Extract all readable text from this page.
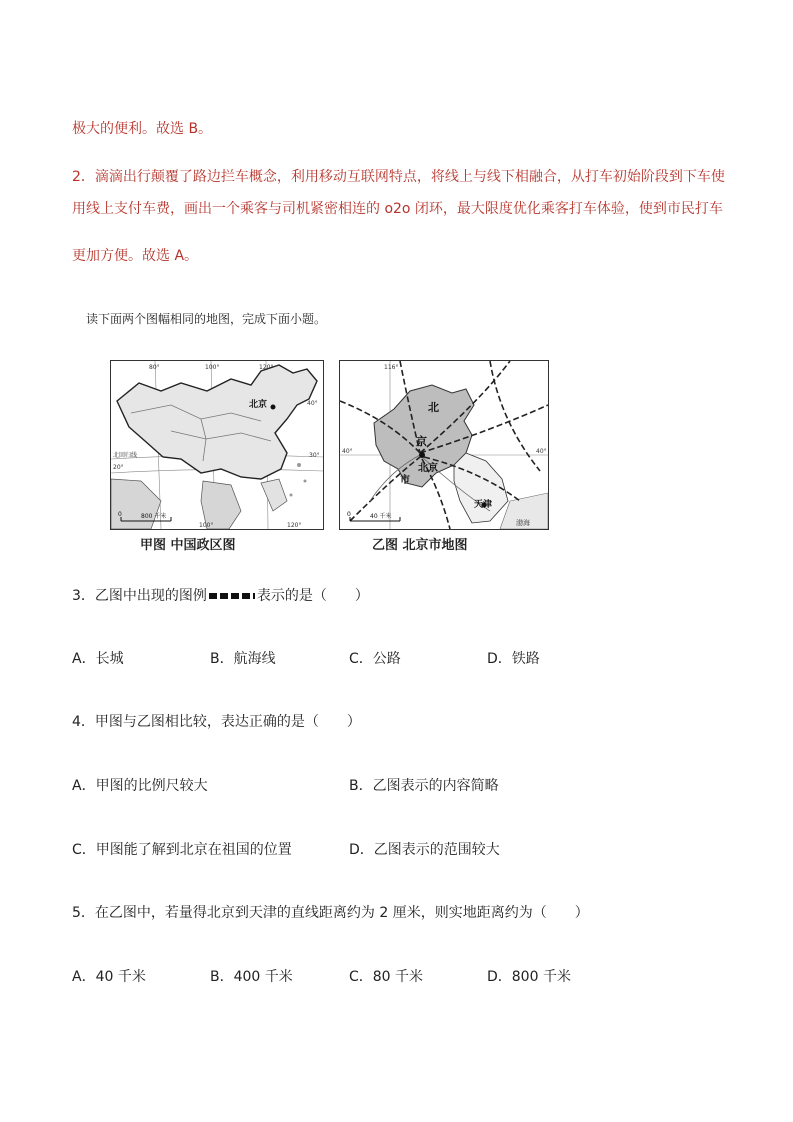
极大的便利。故选 B。
2．滴滴出行颠覆了路边拦车概念，利用移动互联网特点，将线上与线下相融合，从打车初始阶段到下车使
用线上支付车费，画出一个乘客与司机紧密相连的 o2o 闭环，最大限度优化乘客打车体验，使到市民打车
更加方便。故选 A。
读下面两个图幅相同的地图，完成下面小题。
北京
80°	100°	120°
40°
30°
20°
北回归线
0	800 千米
100°	120°
甲图 中国政区图
北
京
北京
市
天津
渤海
116°
40°	40°
0	40 千米
乙图 北京市地图
3．乙图中出现的图例	表示的是（　　）
A．长城	B．航海线	C．公路	D．铁路
4．甲图与乙图相比较，表达正确的是（　　）
A．甲图的比例尺较大	B．乙图表示的内容简略
C．甲图能了解到北京在祖国的位置	D．乙图表示的范围较大
5．在乙图中，若量得北京到天津的直线距离约为 2 厘米，则实地距离约为（　　）
A．40 千米	B．400 千米	C．80 千米	D．800 千米
